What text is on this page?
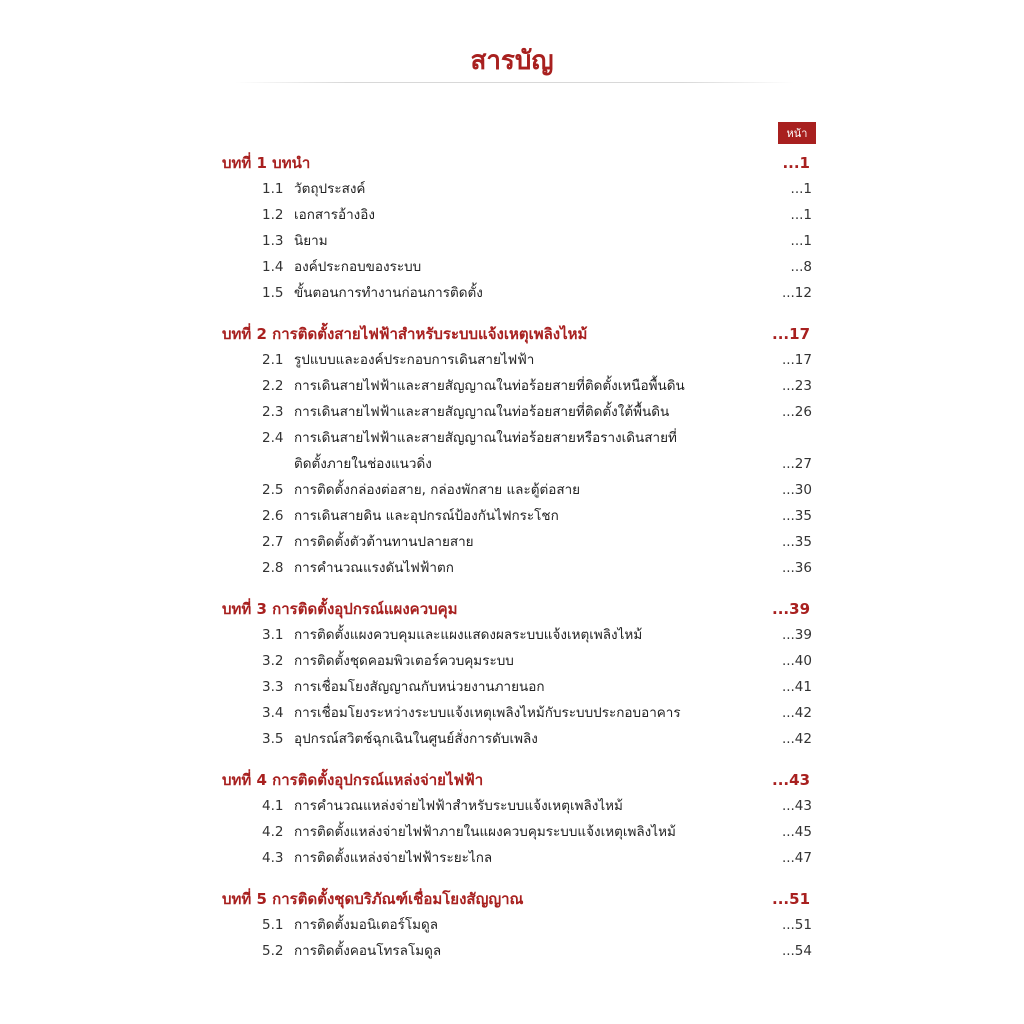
สารบัญ
หน้า
บทที่ 1 บทนำ	...1
1.1 วัตถุประสงค์	...1
1.2 เอกสารอ้างอิง	...1
1.3 นิยาม	...1
1.4 องค์ประกอบของระบบ	...8
1.5 ขั้นตอนการทำงานก่อนการติดตั้ง	...12
บทที่ 2 การติดตั้งสายไฟฟ้าสำหรับระบบแจ้งเหตุเพลิงไหม้	...17
2.1 รูปแบบและองค์ประกอบการเดินสายไฟฟ้า	...17
2.2 การเดินสายไฟฟ้าและสายสัญญาณในท่อร้อยสายที่ติดตั้งเหนือพื้นดิน	...23
2.3 การเดินสายไฟฟ้าและสายสัญญาณในท่อร้อยสายที่ติดตั้งใต้พื้นดิน	...26
2.4 การเดินสายไฟฟ้าและสายสัญญาณในท่อร้อยสายหรือรางเดินสายที่
ติดตั้งภายในช่องแนวดิ่ง	...27
2.5 การติดตั้งกล่องต่อสาย, กล่องพักสาย และตู้ต่อสาย	...30
2.6 การเดินสายดิน และอุปกรณ์ป้องกันไฟกระโชก	...35
2.7 การติดตั้งตัวต้านทานปลายสาย	...35
2.8 การคำนวณแรงดันไฟฟ้าตก	...36
บทที่ 3 การติดตั้งอุปกรณ์แผงควบคุม	...39
3.1 การติดตั้งแผงควบคุมและแผงแสดงผลระบบแจ้งเหตุเพลิงไหม้	...39
3.2 การติดตั้งชุดคอมพิวเตอร์ควบคุมระบบ	...40
3.3 การเชื่อมโยงสัญญาณกับหน่วยงานภายนอก	...41
3.4 การเชื่อมโยงระหว่างระบบแจ้งเหตุเพลิงไหม้กับระบบประกอบอาคาร	...42
3.5 อุปกรณ์สวิตช์ฉุกเฉินในศูนย์สั่งการดับเพลิง	...42
บทที่ 4 การติดตั้งอุปกรณ์แหล่งจ่ายไฟฟ้า	...43
4.1 การคำนวณแหล่งจ่ายไฟฟ้าสำหรับระบบแจ้งเหตุเพลิงไหม้	...43
4.2 การติดตั้งแหล่งจ่ายไฟฟ้าภายในแผงควบคุมระบบแจ้งเหตุเพลิงไหม้	...45
4.3 การติดตั้งแหล่งจ่ายไฟฟ้าระยะไกล	...47
บทที่ 5 การติดตั้งชุดบริภัณฑ์เชื่อมโยงสัญญาณ	...51
5.1 การติดตั้งมอนิเตอร์โมดูล	...51
5.2 การติดตั้งคอนโทรลโมดูล	...54
